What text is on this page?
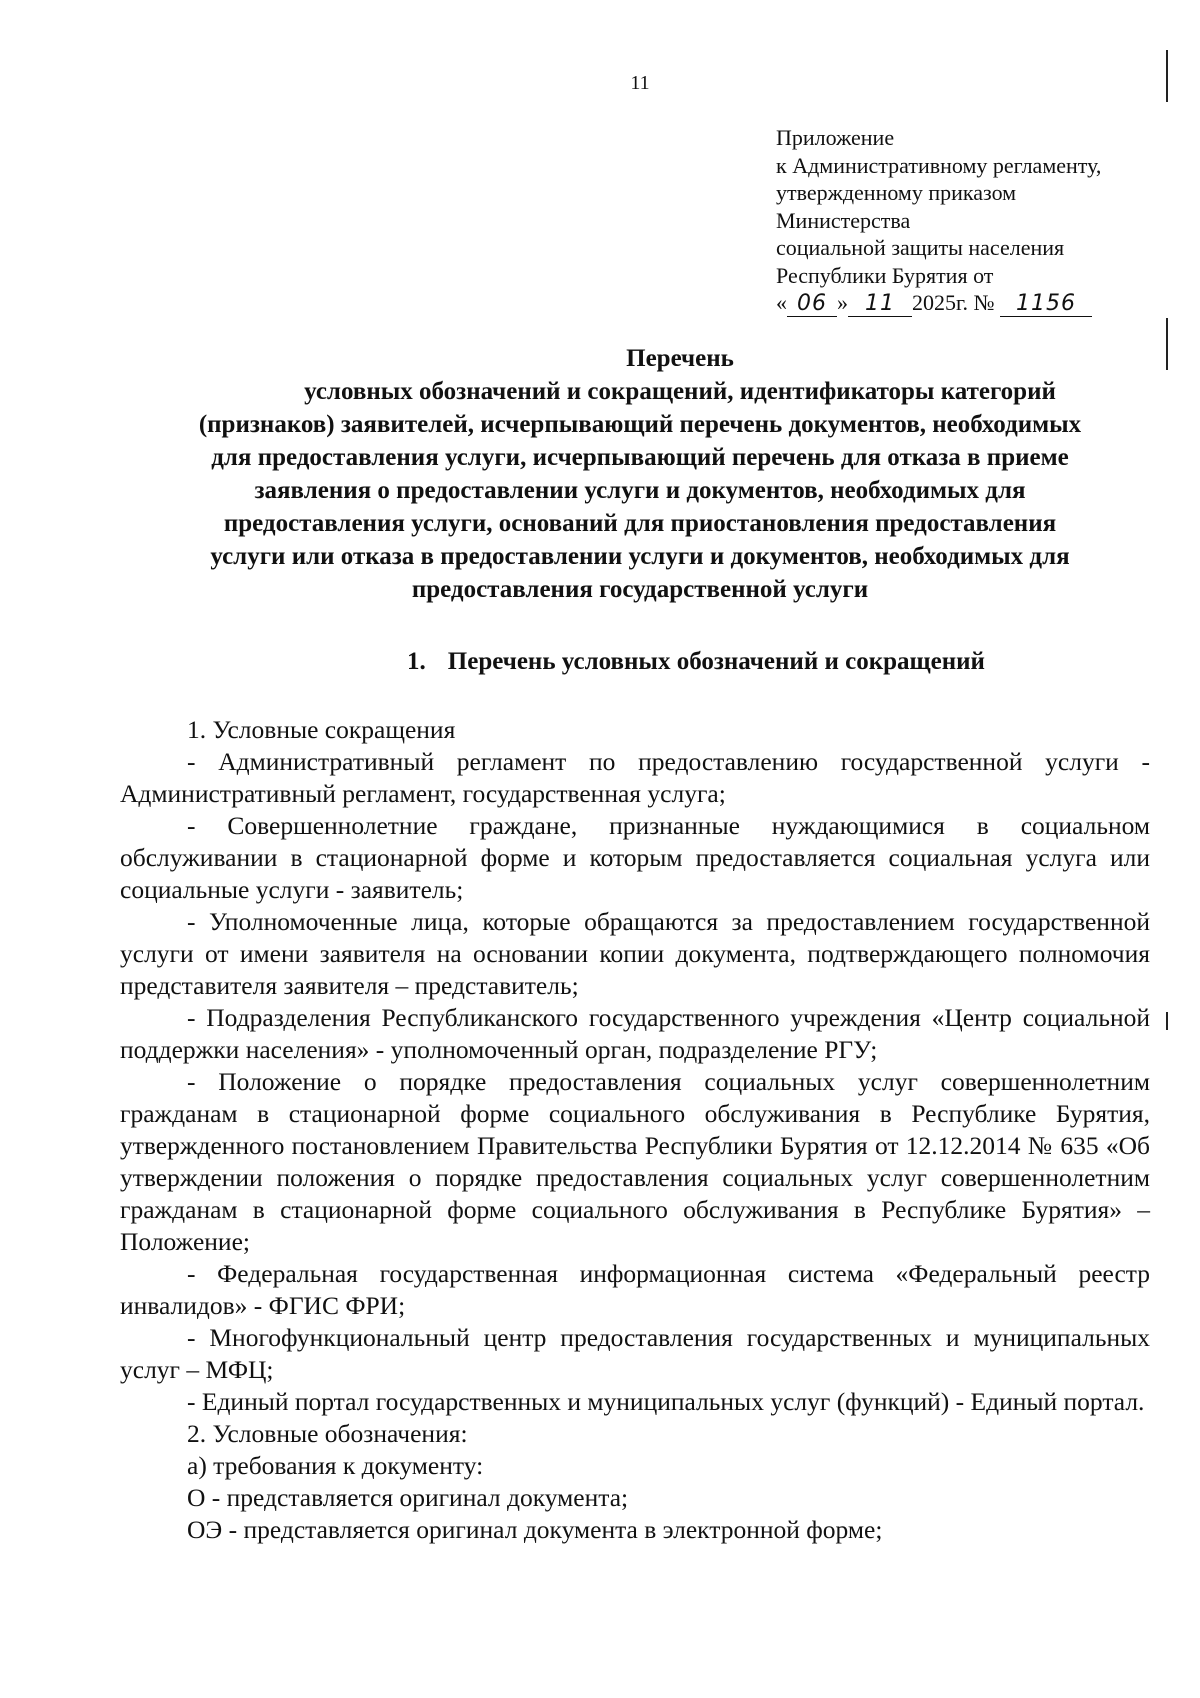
11
Приложение
к Административному регламенту,
утвержденному приказом
Министерства
социальной защиты населения
Республики Бурятия от
« 06 » 11 2025г. № 1156
Перечень
условных обозначений и сокращений, идентификаторы категорий
(признаков) заявителей, исчерпывающий перечень документов, необходимых
для предоставления услуги, исчерпывающий перечень для отказа в приеме
заявления о предоставлении услуги и документов, необходимых для
предоставления услуги, оснований для приостановления предоставления
услуги или отказа в предоставлении услуги и документов, необходимых для
предоставления государственной услуги
1. Перечень условных обозначений и сокращений

1. Условные сокращения

- Административный регламент по предоставлению государственной услуги - Административный регламент, государственная услуга;

- Совершеннолетние граждане, признанные нуждающимися в социальном обслуживании в стационарной форме и которым предоставляется социальная услуга или социальные услуги - заявитель;

- Уполномоченные лица, которые обращаются за предоставлением государственной услуги от имени заявителя на основании копии документа, подтверждающего полномочия представителя заявителя – представитель;

- Подразделения Республиканского государственного учреждения «Центр социальной поддержки населения» - уполномоченный орган, подразделение РГУ;

- Положение о порядке предоставления социальных услуг совершеннолетним гражданам в стационарной форме социального обслуживания в Республике Бурятия, утвержденного постановлением Правительства Республики Бурятия от 12.12.2014 № 635 «Об утверждении положения о порядке предоставления социальных услуг совершеннолетним гражданам в стационарной форме социального обслуживания в Республике Бурятия» – Положение;

- Федеральная государственная информационная система «Федеральный реестр инвалидов» - ФГИС ФРИ;

- Многофункциональный центр предоставления государственных и муниципальных услуг – МФЦ;

- Единый портал государственных и муниципальных услуг (функций) - Единый портал.

2. Условные обозначения:

а) требования к документу:

О - представляется оригинал документа;

ОЭ - представляется оригинал документа в электронной форме;
